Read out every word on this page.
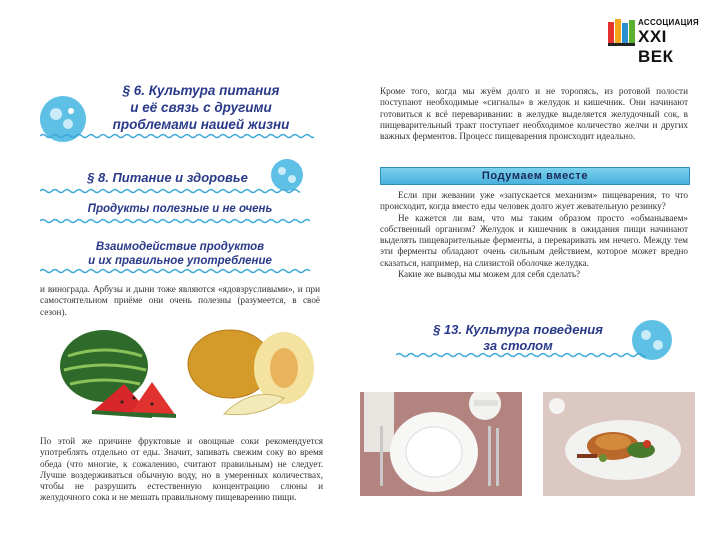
АССОЦИАЦИЯ
XXI ВЕК
§ 6. Культура питания
и её связь с другими
проблемами нашей жизни
§ 8. Питание и здоровье
Продукты полезные и не очень
Взаимодействие продуктов
и их правильное употребление
и винограда. Арбузы и дыни тоже являются «ядовзрусливыми», и при самостоятельном приёме они очень полезны (разумеется, в своё сезон).
По этой же причине фруктовые и овощные соки рекомендуется употреблять отдельно от еды. Значит, запивать свежим соку во время обеда (что многие, к сожалению, считают правильным) не следует. Лучше воздерживаться обычную воду, но в умеренных количествах, чтобы не разрушить естественную концентрацию слюны и желудочного сока и не мешать правильному пищеварению пищи.
Кроме того, когда мы жуём долго и не торопясь, из ротовой полости поступают необходимые «сигналы» в желудок и кишечник. Они начинают готовиться к всё переваривании: в желудке выделяется желудочный сок, в пищеварительный тракт поступает необходимое количество желчи и других важных ферментов. Процесс пищеварения происходит идеально.
Подумаем вместе
Если при жевании уже «запускается механизм» пищеварения, то что происходит, когда вместо еды человек долго жует жевательную резинку?
Не кажется ли вам, что мы таким образом просто «обманываем» собственный организм? Желудок и кишечник в ожидания пищи начинают выделять пищеварительные ферменты, а переваривать им нечего. Между тем эти ферменты обладают очень сильным действием, которое может вредно сказаться, например, на слизистой оболочке желудка.
Какие же выводы мы можем для себя сделать?
§ 13. Культура поведения
за столом
